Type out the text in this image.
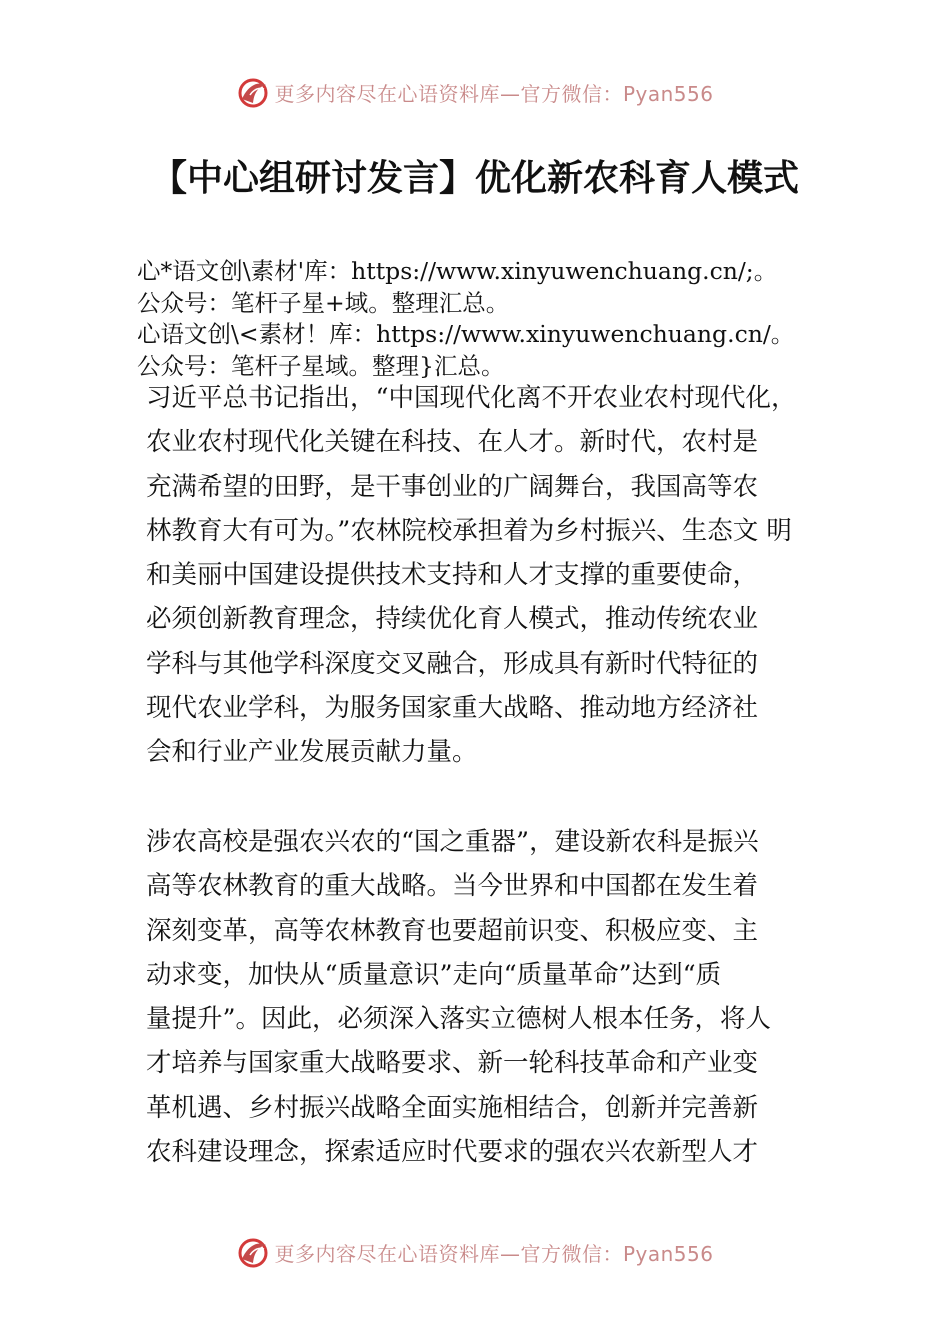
更多内容尽在心语资料库—官方微信：Pyan556
【中心组研讨发言】优化新农科育人模式
心*语文创\素材'库：https://www.xinyuwenchuang.cn/;。
公众号：笔杆子星+域。整理汇总。
心语文创\<素材！库：https://www.xinyuwenchuang.cn/。
公众号：笔杆子星域。整理}汇总。
习近平总书记指出，“中国现代化离不开农业农村现代化，
农业农村现代化关键在科技、在人才。新时代，农村是
充满希望的田野，是干事创业的广阔舞台，我国高等农
林教育大有可为。”农林院校承担着为乡村振兴、生态文 明
和美丽中国建设提供技术支持和人才支撑的重要使命，
必须创新教育理念，持续优化育人模式，推动传统农业
学科与其他学科深度交叉融合，形成具有新时代特征的
现代农业学科，为服务国家重大战略、推动地方经济社
会和行业产业发展贡献力量。
涉农高校是强农兴农的“国之重器”，建设新农科是振兴
高等农林教育的重大战略。当今世界和中国都在发生着
深刻变革，高等农林教育也要超前识变、积极应变、主
动求变，加快从“质量意识”走向“质量革命”达到“质
量提升”。因此，必须深入落实立德树人根本任务，将人
才培养与国家重大战略要求、新一轮科技革命和产业变
革机遇、乡村振兴战略全面实施相结合，创新并完善新
农科建设理念，探索适应时代要求的强农兴农新型人才
更多内容尽在心语资料库—官方微信：Pyan556
